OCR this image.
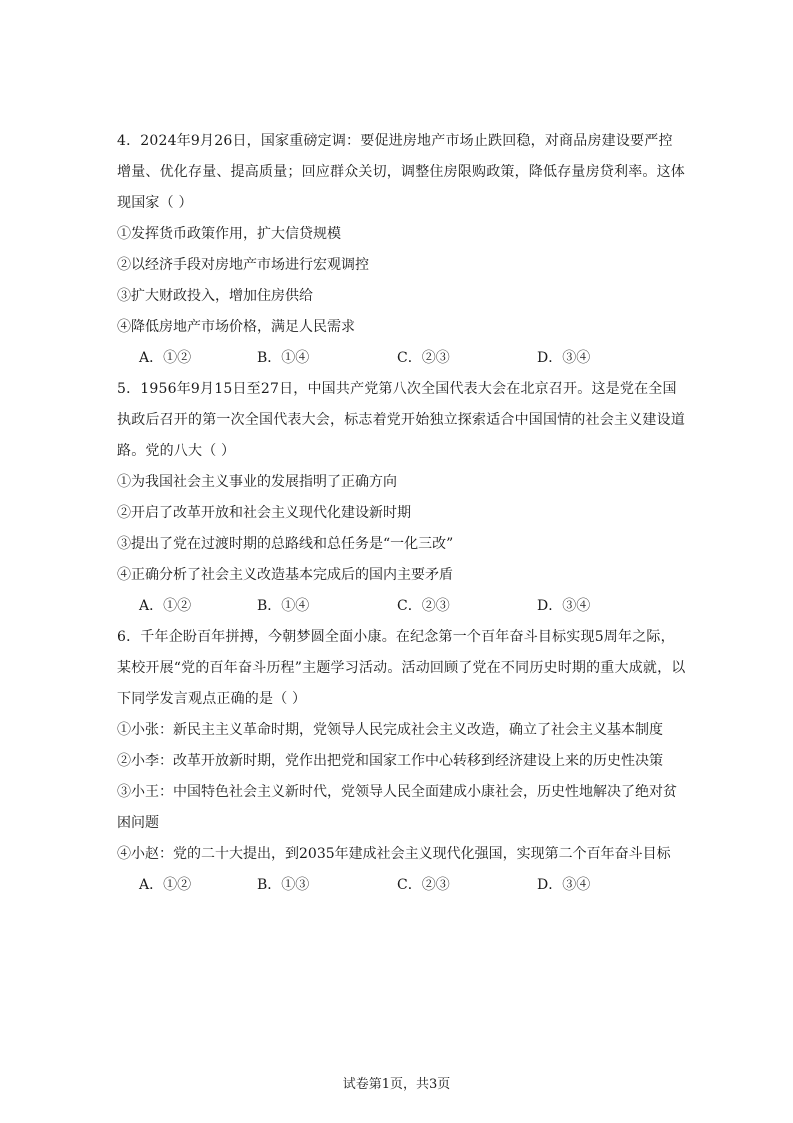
4．2024年9月26日，国家重磅定调：要促进房地产市场止跌回稳，对商品房建设要严控
增量、优化存量、提高质量；回应群众关切，调整住房限购政策，降低存量房贷利率。这体
现国家（ ）
①发挥货币政策作用，扩大信贷规模
②以经济手段对房地产市场进行宏观调控
③扩大财政投入，增加住房供给
④降低房地产市场价格，满足人民需求
A．①②	B．①④	C．②③	D．③④
5．1956年9月15日至27日，中国共产党第八次全国代表大会在北京召开。这是党在全国
执政后召开的第一次全国代表大会，标志着党开始独立探索适合中国国情的社会主义建设道
路。党的八大（ ）
①为我国社会主义事业的发展指明了正确方向
②开启了改革开放和社会主义现代化建设新时期
③提出了党在过渡时期的总路线和总任务是“一化三改”
④正确分析了社会主义改造基本完成后的国内主要矛盾
A．①②	B．①④	C．②③	D．③④
6．千年企盼百年拼搏，今朝梦圆全面小康。在纪念第一个百年奋斗目标实现5周年之际，
某校开展“党的百年奋斗历程”主题学习活动。活动回顾了党在不同历史时期的重大成就，以
下同学发言观点正确的是（ ）
①小张：新民主主义革命时期，党领导人民完成社会主义改造，确立了社会主义基本制度
②小李：改革开放新时期，党作出把党和国家工作中心转移到经济建设上来的历史性决策
③小王：中国特色社会主义新时代，党领导人民全面建成小康社会，历史性地解决了绝对贫
困问题
④小赵：党的二十大提出，到2035年建成社会主义现代化强国，实现第二个百年奋斗目标
A．①②	B．①③	C．②③	D．③④
试卷第1页，共3页
